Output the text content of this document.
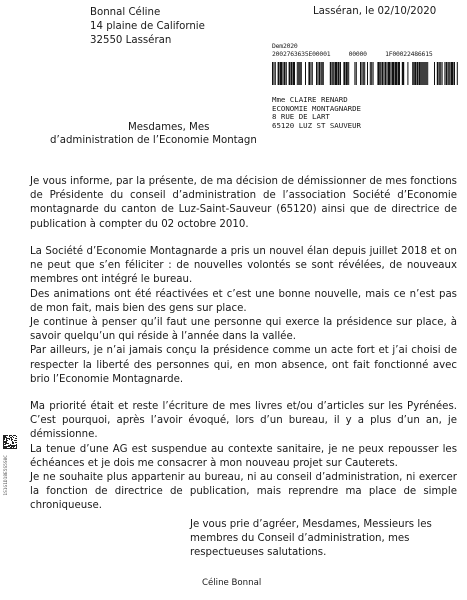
Bonnal Céline
14 plaine de Californie
32550 Lasséran
Lasséran, le 02/10/2020
Dem2020
2002763635E00001     00000     1F00022486615
Mme CLAIRE RENARD
ECONOMIE MONTAGNARDE
8 RUE DE LART
65120 LUZ ST SAUVEUR
Mesdames, Mes
d’administration de l’Economie Montagn

Je vous informe, par la présente, de ma décision de démissionner de mes fonctions de Présidente du conseil d’administration de l’association Société d’Economie montagnarde du canton de Luz-Saint-Sauveur (65120) ainsi que de directrice de publication à compter du 02 octobre 2010.

La Société d’Economie Montagnarde a pris un nouvel élan depuis juillet 2018 et on ne peut que s’en féliciter : de nouvelles volontés se sont révélées, de nouveaux membres ont intégré le bureau.

Des animations ont été réactivées et c’est une bonne nouvelle, mais ce n’est pas de mon fait, mais bien des gens sur place.

Je continue à penser qu’il faut une personne qui exerce la présidence sur place, à savoir quelqu’un qui réside à l’année dans la vallée.

Par ailleurs, je n’ai jamais conçu la présidence comme un acte fort et j’ai choisi de respecter la liberté des personnes qui, en mon absence, ont fait fonctionné avec brio l’Economie Montagnarde.

Ma priorité était et reste l’écriture de mes livres et/ou d’articles sur les Pyrénées. C’est pourquoi, après l’avoir évoqué, lors d’un bureau, il y a plus d’un an, je démissionne.

La tenue d’une AG est suspendue au contexte sanitaire, je ne peux repousser les échéances et je dois me consacrer à mon nouveau projet sur Cauterets.

Je ne souhaite plus appartenir au bureau, ni au conseil d’administration, ni exercer la fonction de directrice de publication, mais reprendre ma place de simple chroniqueuse.

Je vous prie d’agréer, Mesdames, Messieurs les membres du Conseil d’administration, mes respectueuses salutations.

Céline Bonnal
1S1G1D18E5S5S0C
